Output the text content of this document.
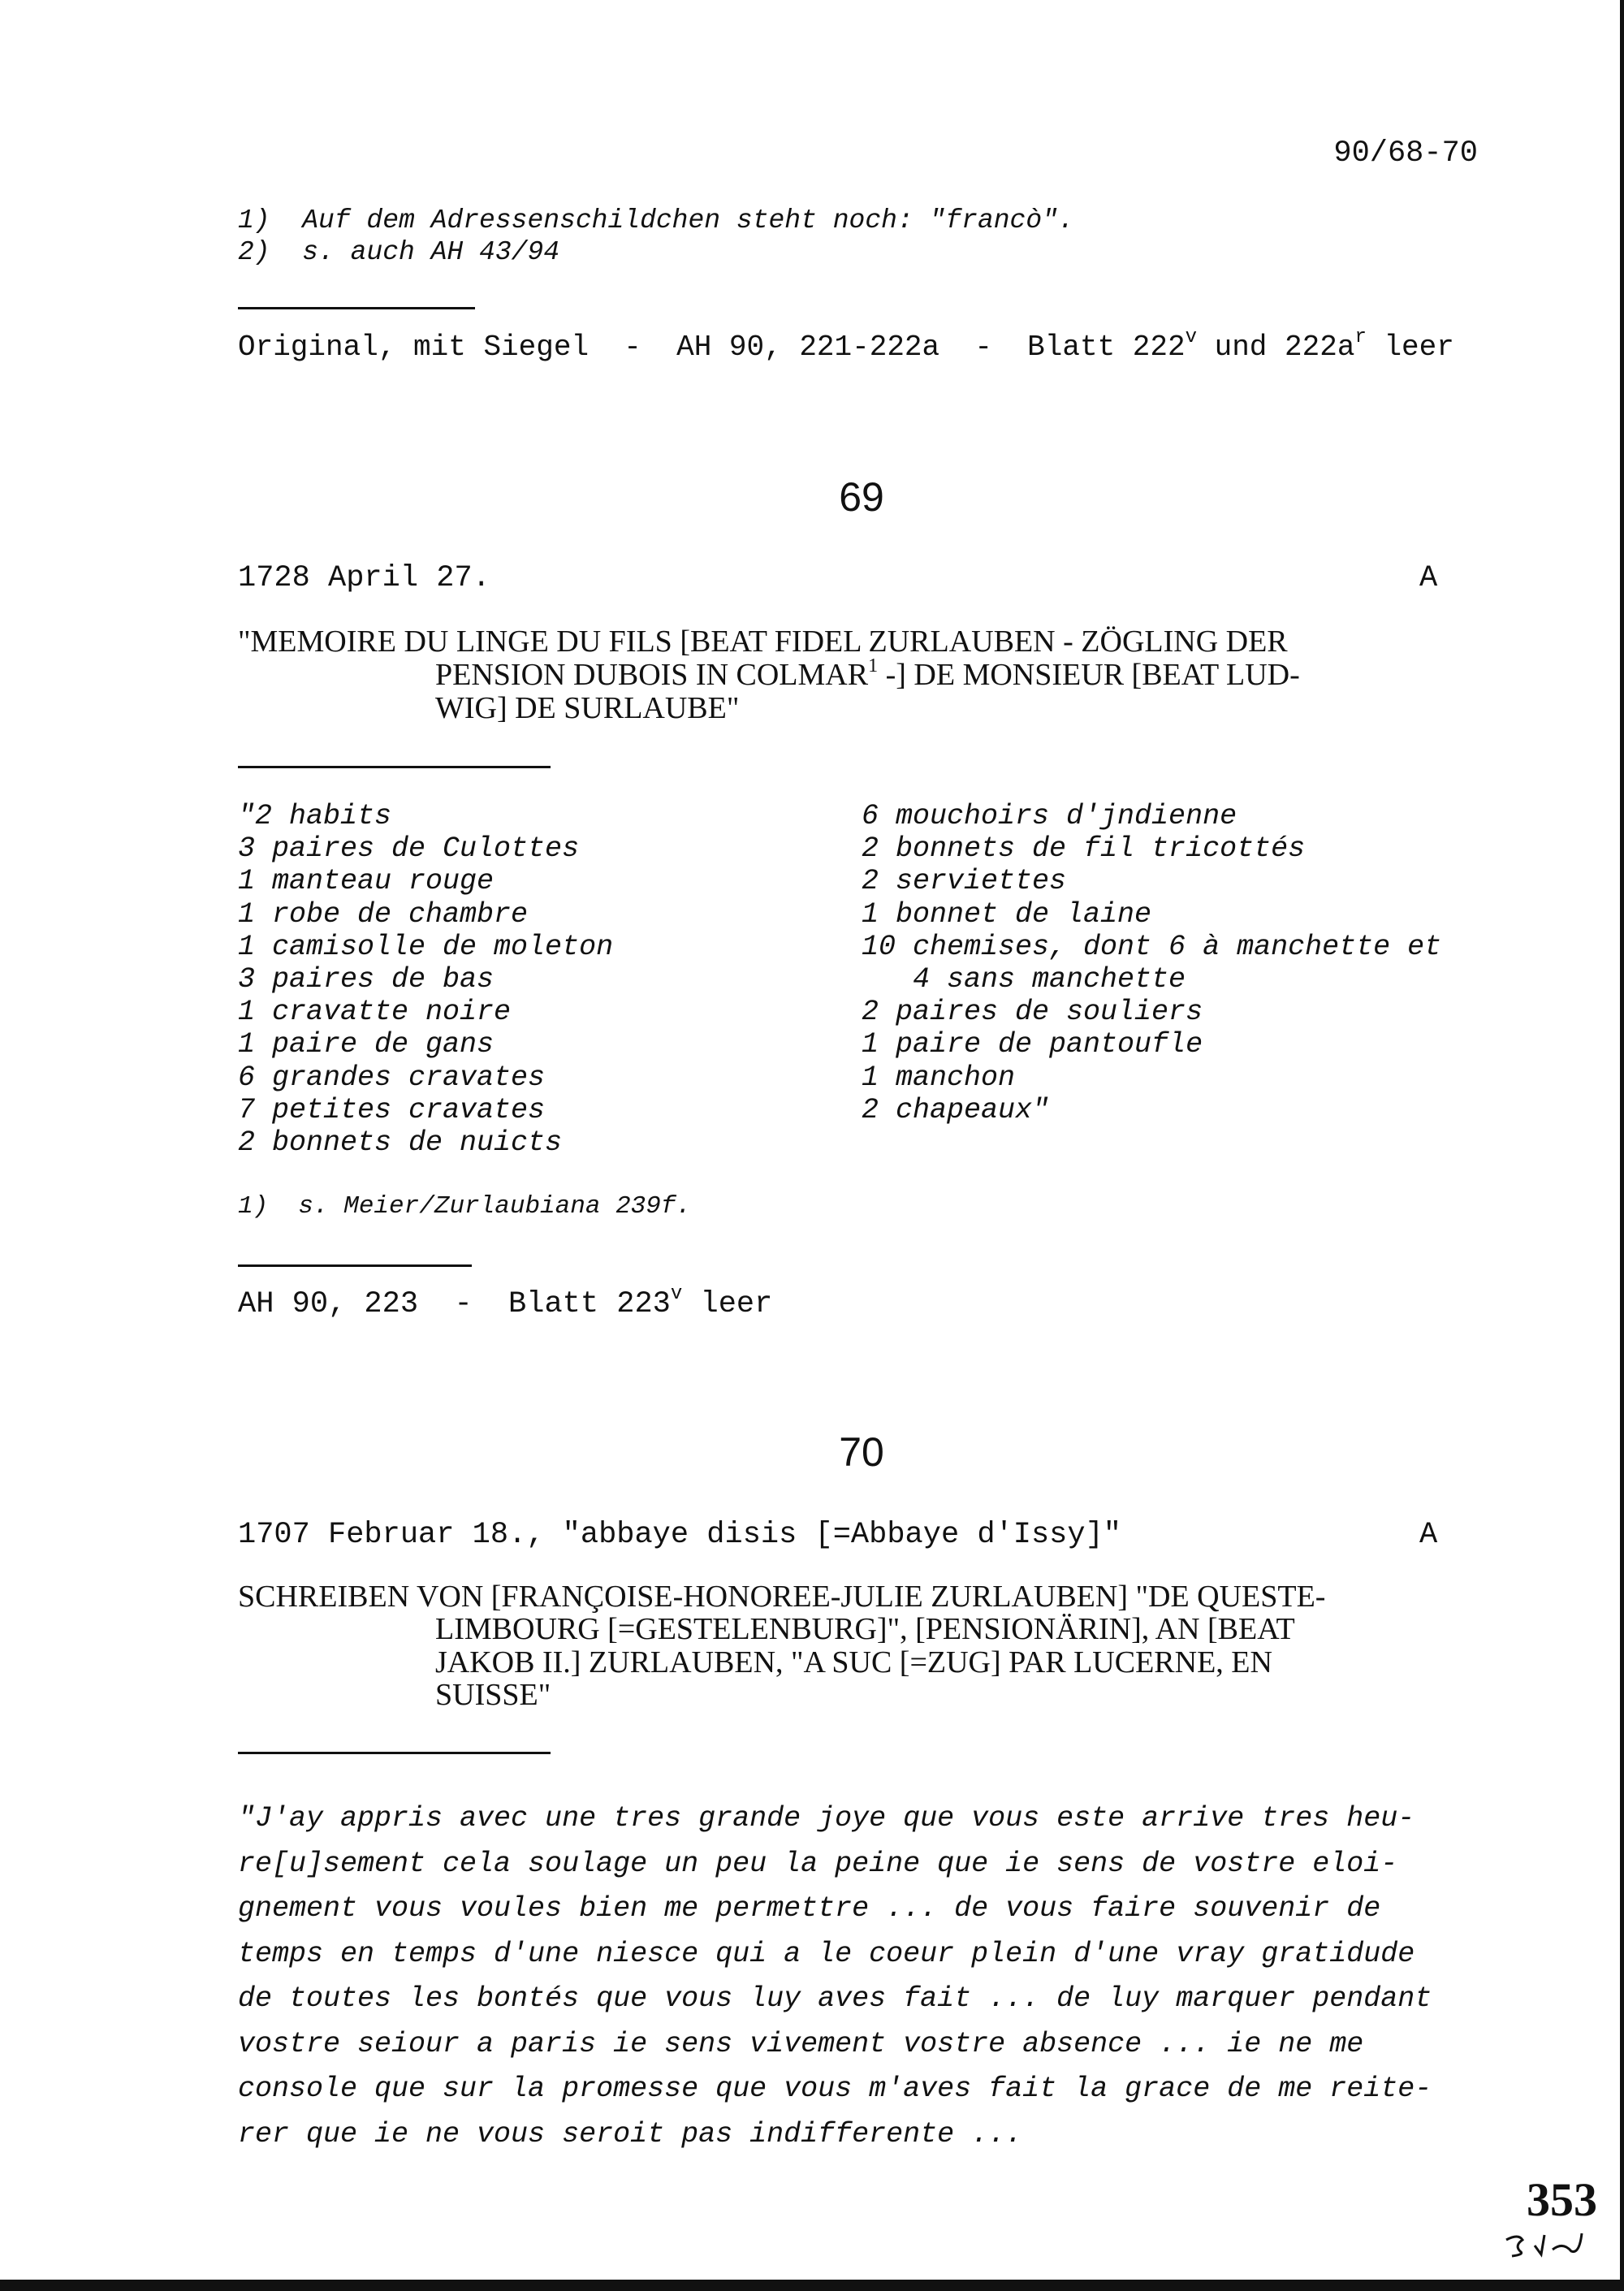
90/68-70
1)  Auf dem Adressenschildchen steht noch: "francò".
2)  s. auch AH 43/94
Original, mit Siegel  -  AH 90, 221-222a  -  Blatt 222$^v$ und $222a^r$ leer
69
1728 April 27.	A
"MEMOIRE DU LINGE DU FILS [BEAT FIDEL ZURLAUBEN - ZÖGLING DER
PENSION DUBOIS IN COLMAR$^1$ -] DE MONSIEUR [BEAT LUD-
WIG] DE SURLAUBE"
"2 habits
3 paires de Culottes
1 manteau rouge
1 robe de chambre
1 camisolle de moleton
3 paires de bas
1 cravatte noire
1 paire de gans
6 grandes cravates
7 petites cravates
2 bonnets de nuicts
6 mouchoirs d'jndienne
2 bonnets de fil tricottés
2 serviettes
1 bonnet de laine
10 chemises, dont 6 à manchette et
4 sans manchette
2 paires de souliers
1 paire de pantoufle
1 manchon
2 chapeaux"
1)  s. Meier/Zurlaubiana 239f.
AH 90, 223  -  Blatt 223$^v$ leer
70
1707 Februar 18., "abbaye disis [=Abbaye d'Issy]"	A
SCHREIBEN VON [FRANÇOISE-HONOREE-JULIE ZURLAUBEN] "DE QUESTE-
LIMBOURG [=GESTELENBURG]", [PENSIONÄRIN], AN [BEAT
JAKOB II.] ZURLAUBEN, "A SUC [=ZUG] PAR LUCERNE, EN
SUISSE"
"J'ay appris avec une tres grande joye que vous este arrive tres heu-
re[u]sement cela soulage un peu la peine que ie sens de vostre eloi-
gnement vous voules bien me permettre ... de vous faire souvenir de
temps en temps d'une niesce qui a le coeur plein d'une vray gratidude
de toutes les bontés que vous luy aves fait ... de luy marquer pendant
vostre seiour a paris ie sens vivement vostre absence ... ie ne me
console que sur la promesse que vous m'aves fait la grace de me reite-
rer que ie ne vous seroit pas indifferente ...
353
